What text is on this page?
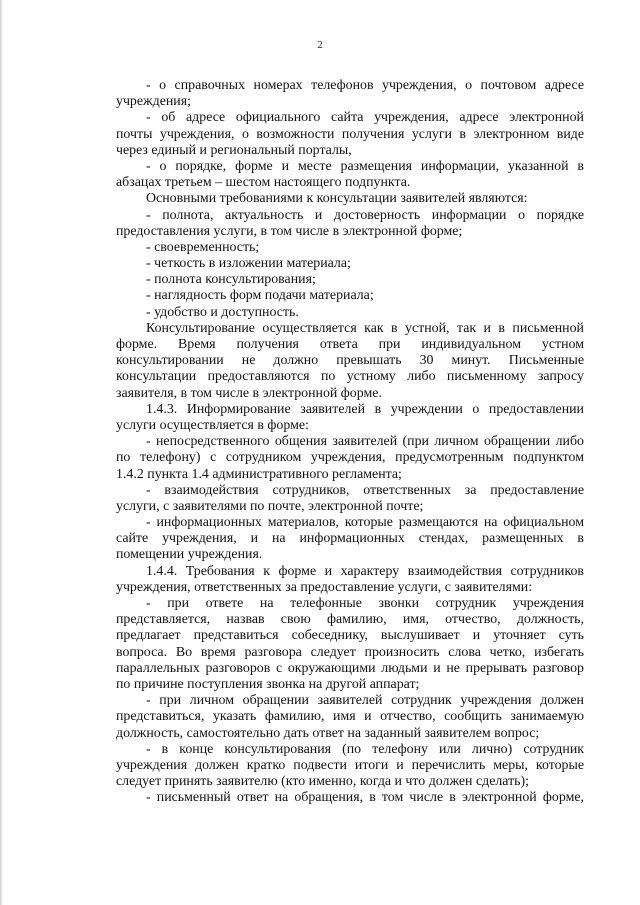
2
- о справочных номерах телефонов учреждения, о почтовом адресе
учреждения;
- об адресе официального сайта учреждения, адресе электронной
почты учреждения, о возможности получения услуги в электронном виде
через единый и региональный порталы,
- о порядке, форме и месте размещения информации, указанной в
абзацах третьем – шестом настоящего подпункта.
Основными требованиями к консультации заявителей являются:
- полнота, актуальность и достоверность информации о порядке
предоставления услуги, в том числе в электронной форме;
- своевременность;
- четкость в изложении материала;
- полнота консультирования;
- наглядность форм подачи материала;
- удобство и доступность.
Консультирование осуществляется как в устной, так и в письменной
форме. Время получения ответа при индивидуальном устном
консультировании не должно превышать 30 минут. Письменные
консультации предоставляются по устному либо письменному запросу
заявителя, в том числе в электронной форме.
1.4.3. Информирование заявителей в учреждении о предоставлении
услуги осуществляется в форме:
- непосредственного общения заявителей (при личном обращении либо
по телефону) с сотрудником учреждения, предусмотренным подпунктом
1.4.2 пункта 1.4 административного регламента;
- взаимодействия сотрудников, ответственных за предоставление
услуги, с заявителями по почте, электронной почте;
- информационных материалов, которые размещаются на официальном
сайте учреждения, и на информационных стендах, размещенных в
помещении учреждения.
1.4.4. Требования к форме и характеру взаимодействия сотрудников
учреждения, ответственных за предоставление услуги, с заявителями:
- при ответе на телефонные звонки сотрудник учреждения
представляется, назвав свою фамилию, имя, отчество, должность,
предлагает представиться собеседнику, выслушивает и уточняет суть
вопроса. Во время разговора следует произносить слова четко, избегать
параллельных разговоров с окружающими людьми и не прерывать разговор
по причине поступления звонка на другой аппарат;
- при личном обращении заявителей сотрудник учреждения должен
представиться, указать фамилию, имя и отчество, сообщить занимаемую
должность, самостоятельно дать ответ на заданный заявителем вопрос;
- в конце консультирования (по телефону или лично) сотрудник
учреждения должен кратко подвести итоги и перечислить меры, которые
следует принять заявителю (кто именно, когда и что должен сделать);
- письменный ответ на обращения, в том числе в электронной форме,
